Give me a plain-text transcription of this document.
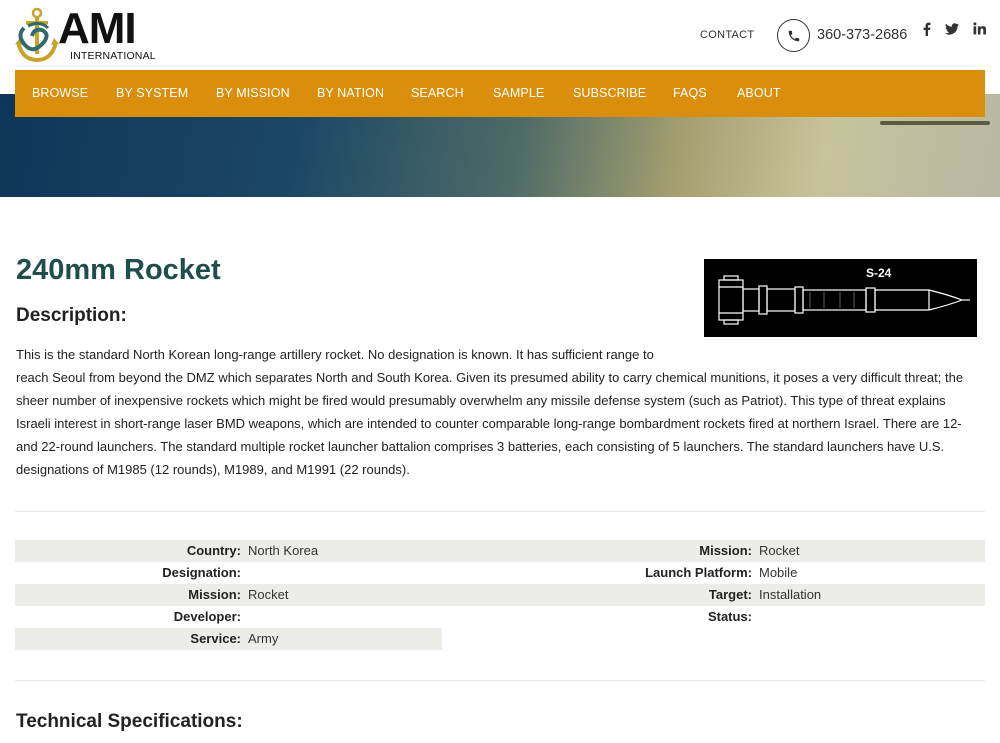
AMI
INTERNATIONAL
CONTACT	360-373-2686
BROWSE BY SYSTEM BY MISSION BY NATION SEARCH SAMPLE SUBSCRIBE FAQS ABOUT
240mm Rocket
Description:
S-24
This is the standard North Korean long-range artillery rocket. No designation is known. It has sufficient range to
reach Seoul from beyond the DMZ which separates North and South Korea. Given its presumed ability to carry chemical munitions, it poses a very difficult threat; the
sheer number of inexpensive rockets which might be fired would presumably overwhelm any missile defense system (such as Patriot). This type of threat explains
Israeli interest in short-range laser BMD weapons, which are intended to counter comparable long-range bombardment rockets fired at northern Israel. There are 12-
and 22-round launchers. The standard multiple rocket launcher battalion comprises 3 batteries, each consisting of 5 launchers. The standard launchers have U.S.
designations of M1985 (12 rounds), M1989, and M1991 (22 rounds).
Country: North Korea
Designation:
Mission: Rocket
Developer:
Service: Army
Mission: Rocket
Launch Platform: Mobile
Target: Installation
Status:
Technical Specifications:
